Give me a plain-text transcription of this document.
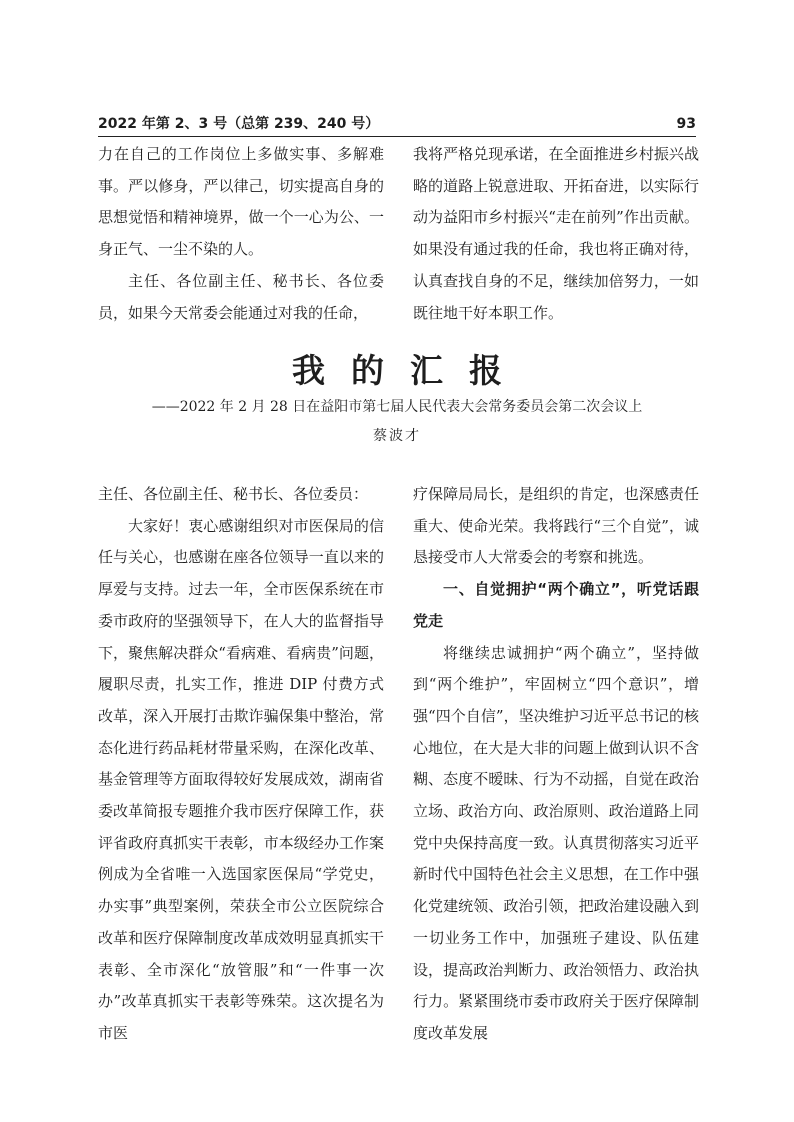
2022 年第 2、3 号（总第 239、240 号）	93

力在自己的工作岗位上多做实事、多解难事。严以修身，严以律己，切实提高自身的思想觉悟和精神境界，做一个一心为公、一身正气、一尘不染的人。

主任、各位副主任、秘书长、各位委员，如果今天常委会能通过对我的任命，

我将严格兑现承诺，在全面推进乡村振兴战略的道路上锐意进取、开拓奋进，以实际行动为益阳市乡村振兴“走在前列”作出贡献。如果没有通过我的任命，我也将正确对待，认真查找自身的不足，继续加倍努力，一如既往地干好本职工作。

我的汇报
——2022 年 2 月 28 日在益阳市第七届人民代表大会常务委员会第二次会议上
蔡波才

主任、各位副主任、秘书长、各位委员：

大家好！衷心感谢组织对市医保局的信任与关心，也感谢在座各位领导一直以来的厚爱与支持。过去一年，全市医保系统在市委市政府的坚强领导下，在人大的监督指导下，聚焦解决群众“看病难、看病贵”问题，履职尽责，扎实工作，推进 DIP 付费方式改革，深入开展打击欺诈骗保集中整治，常态化进行药品耗材带量采购，在深化改革、基金管理等方面取得较好发展成效，湖南省委改革简报专题推介我市医疗保障工作，获评省政府真抓实干表彰，市本级经办工作案例成为全省唯一入选国家医保局“学党史，办实事”典型案例，荣获全市公立医院综合改革和医疗保障制度改革成效明显真抓实干表彰、全市深化“放管服”和“一件事一次办”改革真抓实干表彰等殊荣。这次提名为市医

疗保障局局长，是组织的肯定，也深感责任重大、使命光荣。我将践行“三个自觉”，诚恳接受市人大常委会的考察和挑选。

一、自觉拥护“两个确立”，听党话跟党走

将继续忠诚拥护“两个确立”，坚持做到“两个维护”，牢固树立“四个意识”，增强“四个自信”，坚决维护习近平总书记的核心地位，在大是大非的问题上做到认识不含糊、态度不暧昧、行为不动摇，自觉在政治立场、政治方向、政治原则、政治道路上同党中央保持高度一致。认真贯彻落实习近平新时代中国特色社会主义思想，在工作中强化党建统领、政治引领，把政治建设融入到一切业务工作中，加强班子建设、队伍建设，提高政治判断力、政治领悟力、政治执行力。紧紧围绕市委市政府关于医疗保障制度改革发展
